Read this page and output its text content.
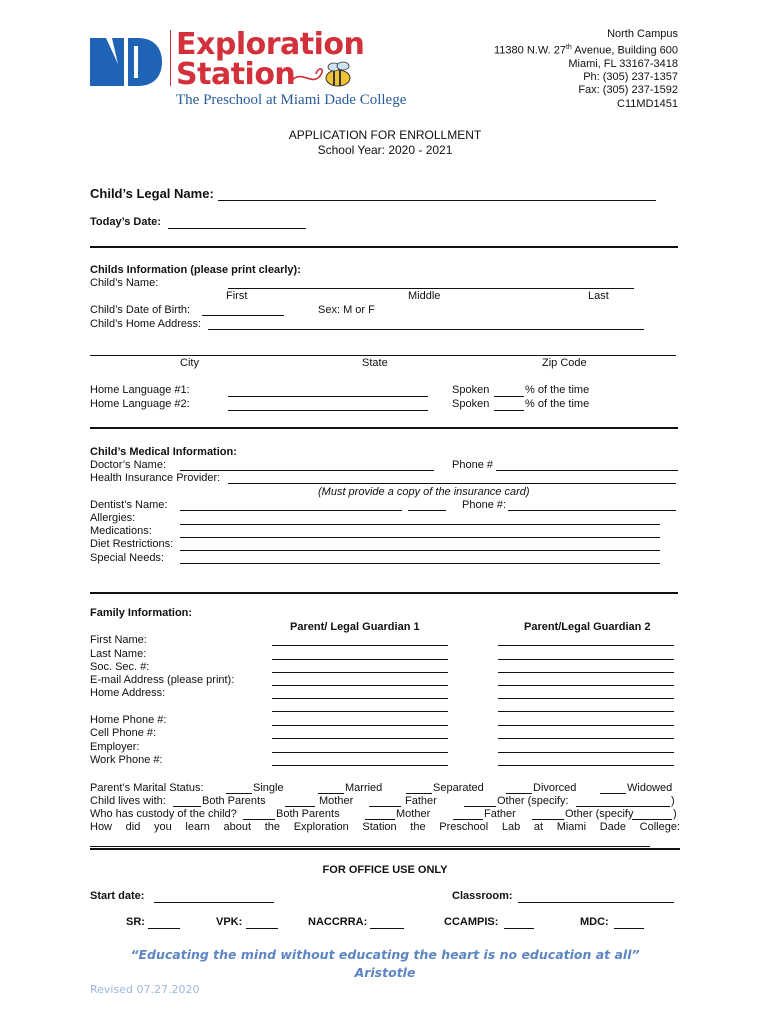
Exploration
Station
The Preschool at Miami Dade College
North Campus
11380 N.W. 27th Avenue, Building 600
Miami, FL 33167-3418
Ph: (305) 237-1357
Fax: (305) 237-1592
C11MD1451
APPLICATION FOR ENROLLMENT
School Year: 2020 - 2021
Child’s Legal Name:
Today’s Date:
Childs Information (please print clearly):
Child’s Name:
First	Middle	Last
Child’s Date of Birth:	Sex: M or F
Child’s Home Address:
City	State	Zip Code
Home Language #1:	Spoken	% of the time
Home Language #2:	Spoken	% of the time
Child’s Medical Information:
Doctor’s Name:	Phone #
Health Insurance Provider:
(Must provide a copy of the insurance card)
Dentist’s Name:	Phone #:
Allergies:
Medications:
Diet Restrictions:
Special Needs:
Family Information:
Parent/ Legal Guardian 1	Parent/Legal Guardian 2
First Name:
Last Name:
Soc. Sec. #:
E-mail Address (please print):
Home Address:
Home Phone #:
Cell Phone #:
Employer:
Work Phone #:
Parent’s Marital Status:	Single	Married	Separated	Divorced	Widowed
Child lives with:	Both Parents	Mother	Father	Other (specify:	)
Who has custody of the child?	Both Parents	Mother	Father	Other (specify	)
How did you learn about the Exploration Station the Preschool Lab at Miami Dade College:
FOR OFFICE USE ONLY
Start date:	Classroom:
SR:	VPK:	NACCRRA:	CCAMPIS:	MDC:
“Educating the mind without educating the heart is no education at all”
Aristotle
Revised 07.27.2020
